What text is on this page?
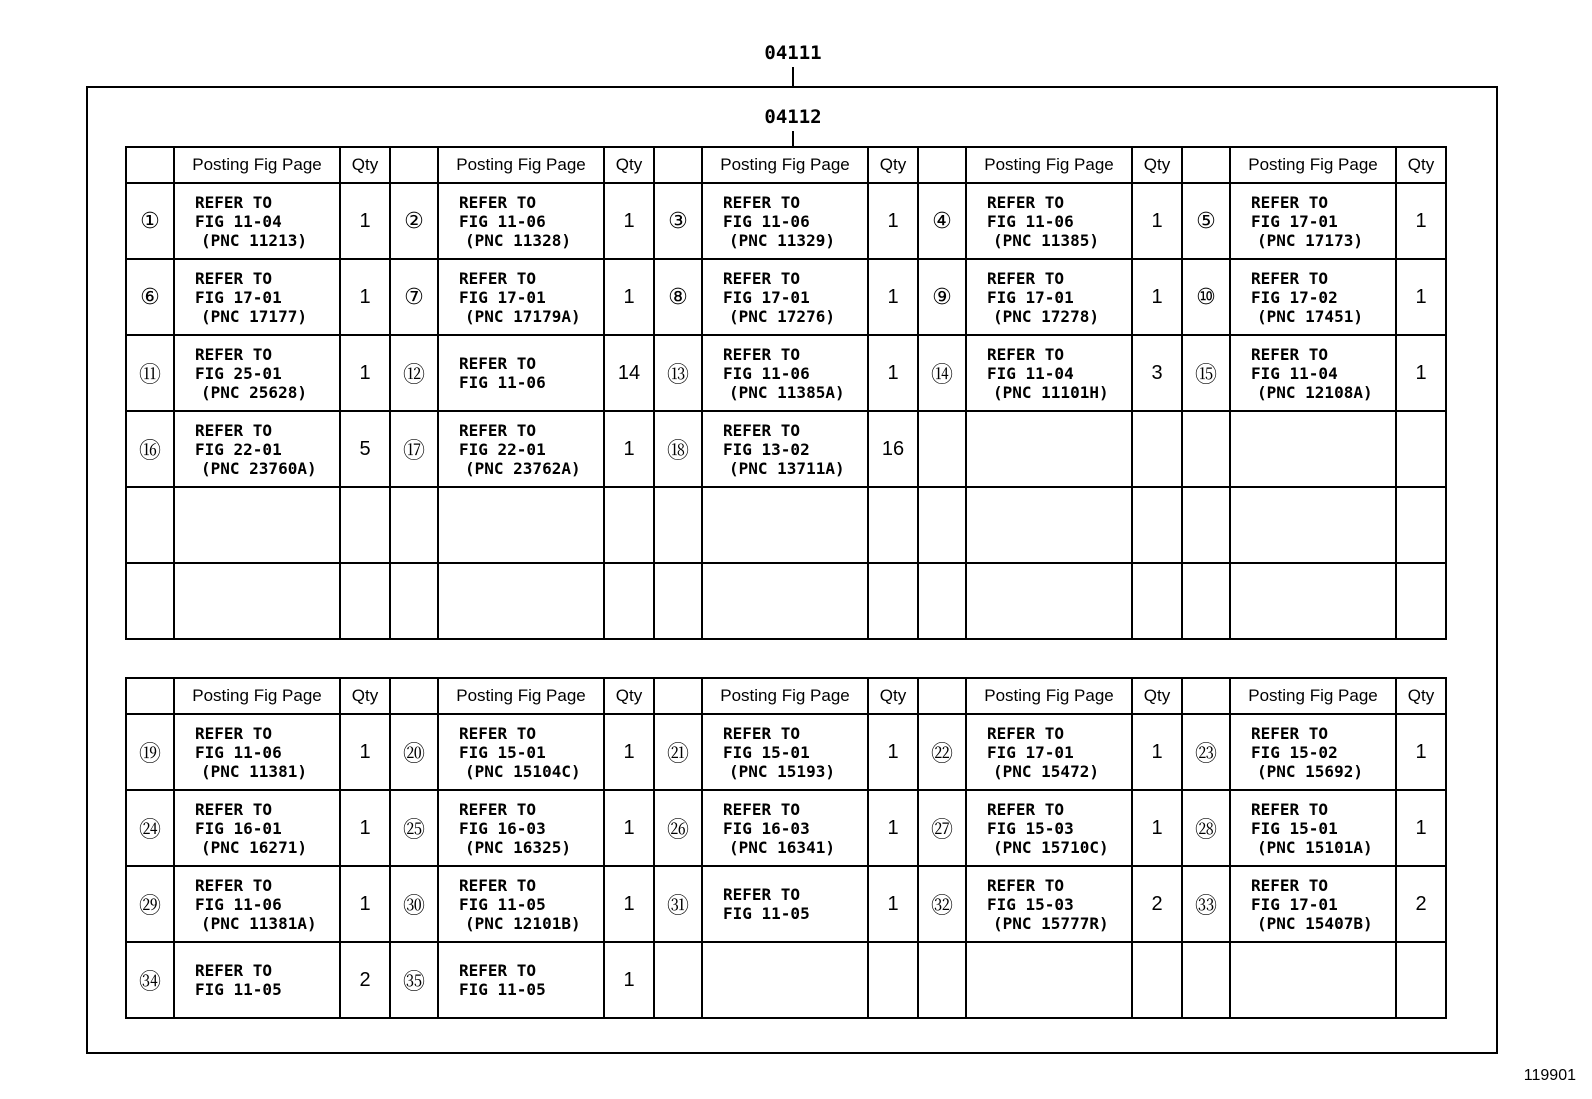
04111
04112
	Posting Fig Page	Qty		Posting Fig Page	Qty		Posting Fig Page	Qty		Posting Fig Page	Qty		Posting Fig Page	Qty
①	REFER TO
FIG 11-04
(PNC 11213)	1	②	REFER TO
FIG 11-06
(PNC 11328)	1	③	REFER TO
FIG 11-06
(PNC 11329)	1	④	REFER TO
FIG 11-06
(PNC 11385)	1	⑤	REFER TO
FIG 17-01
(PNC 17173)	1
⑥	REFER TO
FIG 17-01
(PNC 17177)	1	⑦	REFER TO
FIG 17-01
(PNC 17179A)	1	⑧	REFER TO
FIG 17-01
(PNC 17276)	1	⑨	REFER TO
FIG 17-01
(PNC 17278)	1	⑩	REFER TO
FIG 17-02
(PNC 17451)	1
⑪	REFER TO
FIG 25-01
(PNC 25628)	1	⑫	REFER TO
FIG 11-06	14	⑬	REFER TO
FIG 11-06
(PNC 11385A)	1	⑭	REFER TO
FIG 11-04
(PNC 11101H)	3	⑮	REFER TO
FIG 11-04
(PNC 12108A)	1
⑯	REFER TO
FIG 22-01
(PNC 23760A)	5	⑰	REFER TO
FIG 22-01
(PNC 23762A)	1	⑱	REFER TO
FIG 13-02
(PNC 13711A)	16		

	Posting Fig Page	Qty		Posting Fig Page	Qty		Posting Fig Page	Qty		Posting Fig Page	Qty		Posting Fig Page	Qty
⑲	REFER TO
FIG 11-06
(PNC 11381)	1	⑳	REFER TO
FIG 15-01
(PNC 15104C)	1	㉑	REFER TO
FIG 15-01
(PNC 15193)	1	㉒	REFER TO
FIG 17-01
(PNC 15472)	1	㉓	REFER TO
FIG 15-02
(PNC 15692)	1
㉔	REFER TO
FIG 16-01
(PNC 16271)	1	㉕	REFER TO
FIG 16-03
(PNC 16325)	1	㉖	REFER TO
FIG 16-03
(PNC 16341)	1	㉗	REFER TO
FIG 15-03
(PNC 15710C)	1	㉘	REFER TO
FIG 15-01
(PNC 15101A)	1
㉙	REFER TO
FIG 11-06
(PNC 11381A)	1	㉚	REFER TO
FIG 11-05
(PNC 12101B)	1	㉛	REFER TO
FIG 11-05	1	㉜	REFER TO
FIG 15-03
(PNC 15777R)	2	㉝	REFER TO
FIG 17-01
(PNC 15407B)	2
㉞	REFER TO
FIG 11-05	2	㉟	REFER TO
FIG 11-05	1		

119901
